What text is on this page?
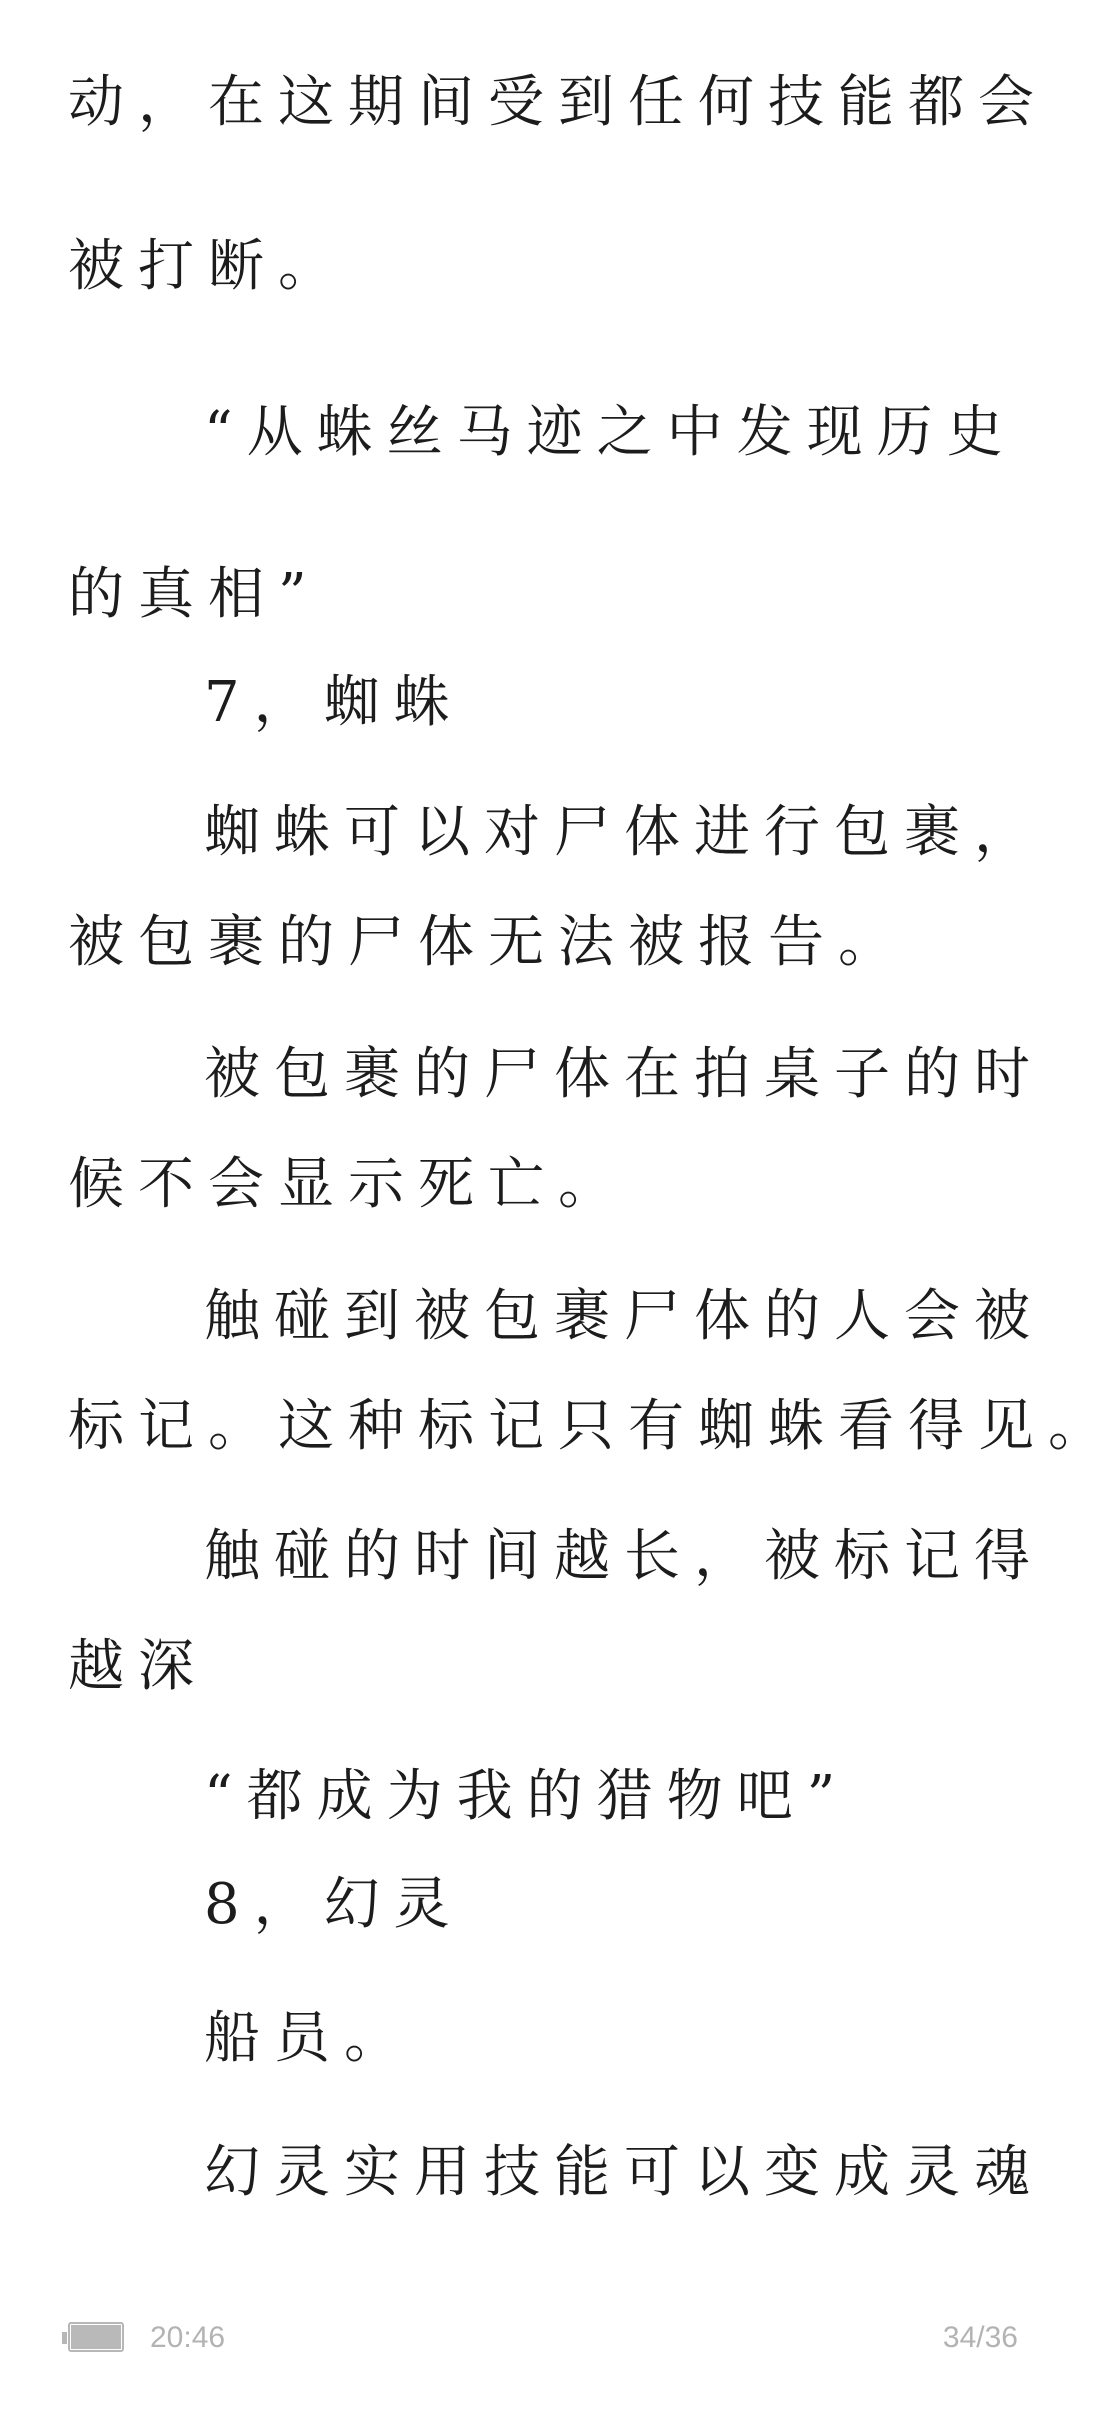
动，在这期间受到任何技能都会
被打断。
“从蛛丝马迹之中发现历史
的真相”
7，蜘蛛
蜘蛛可以对尸体进行包裹，
被包裹的尸体无法被报告。
被包裹的尸体在拍桌子的时
候不会显示死亡。
触碰到被包裹尸体的人会被
标记。这种标记只有蜘蛛看得见。
触碰的时间越长，被标记得
越深
“都成为我的猎物吧”
8，幻灵
船员。
幻灵实用技能可以变成灵魂
20:46	34/36
